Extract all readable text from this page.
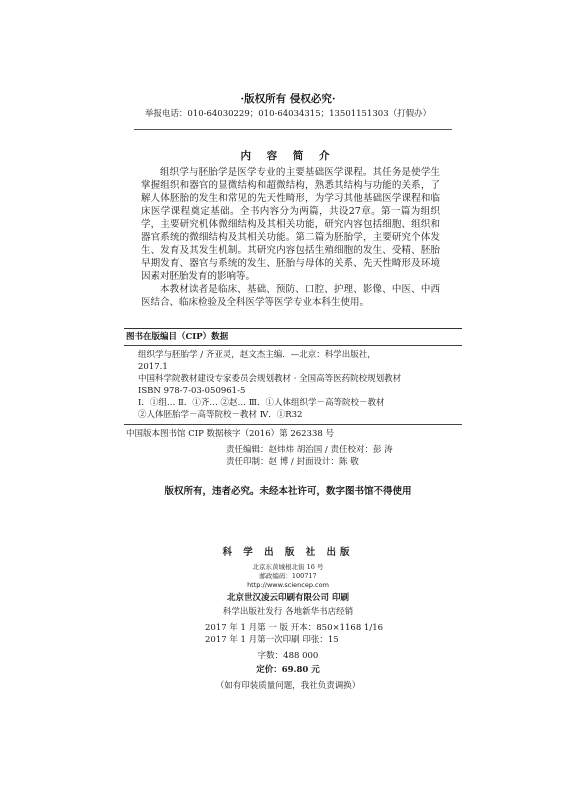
·版权所有 侵权必究·
举报电话：010-64030229；010-64034315；13501151303（打假办）
内 容 简 介

组织学与胚胎学是医学专业的主要基础医学课程。其任务是使学生掌握组织和器官的显微结构和超微结构，熟悉其结构与功能的关系，了解人体胚胎的发生和常见的先天性畸形，为学习其他基础医学课程和临床医学课程奠定基础。全书内容分为两篇，共设27章。第一篇为组织学，主要研究机体微细结构及其相关功能，研究内容包括细胞、组织和器官系统的微细结构及其相关功能。第二篇为胚胎学，主要研究个体发生、发育及其发生机制。其研究内容包括生殖细胞的发生、受精、胚胎早期发育、器官与系统的发生、胚胎与母体的关系、先天性畸形及环境因素对胚胎发育的影响等。

本教材读者是临床、基础、预防、口腔、护理、影像、中医、中西医结合、临床检验及全科医学等医学专业本科生使用。

图书在版编目（CIP）数据
组织学与胚胎学 / 齐亚灵，赵文杰主编．—北京：科学出版社，
2017.1
中国科学院教材建设专家委员会规划教材 · 全国高等医药院校规划教材
ISBN 978-7-03-050961-5
Ⅰ．①组… Ⅱ．①齐… ②赵… Ⅲ．①人体组织学－高等院校－教材
②人体胚胎学－高等院校－教材 Ⅳ．①R32
中国版本图书馆 CIP 数据核字（2016）第 262338 号
责任编辑：赵炜炜 胡治国 / 责任校对：彭 涛
责任印制：赵 博 / 封面设计：陈 敬
版权所有，违者必究。未经本社许可，数字图书馆不得使用
科 学 出 版 社 出版
北京东黄城根北街 16 号
邮政编码：100717
http://www.sciencep.com
北京世汉凌云印刷有限公司 印刷
科学出版社发行 各地新华书店经销
2017 年 1 月第 一 版 开本：850×1168 1/16
2017 年 1 月第一次印刷 印张：15
字数：488 000
定价：69.80 元
（如有印装质量问题，我社负责调换）
